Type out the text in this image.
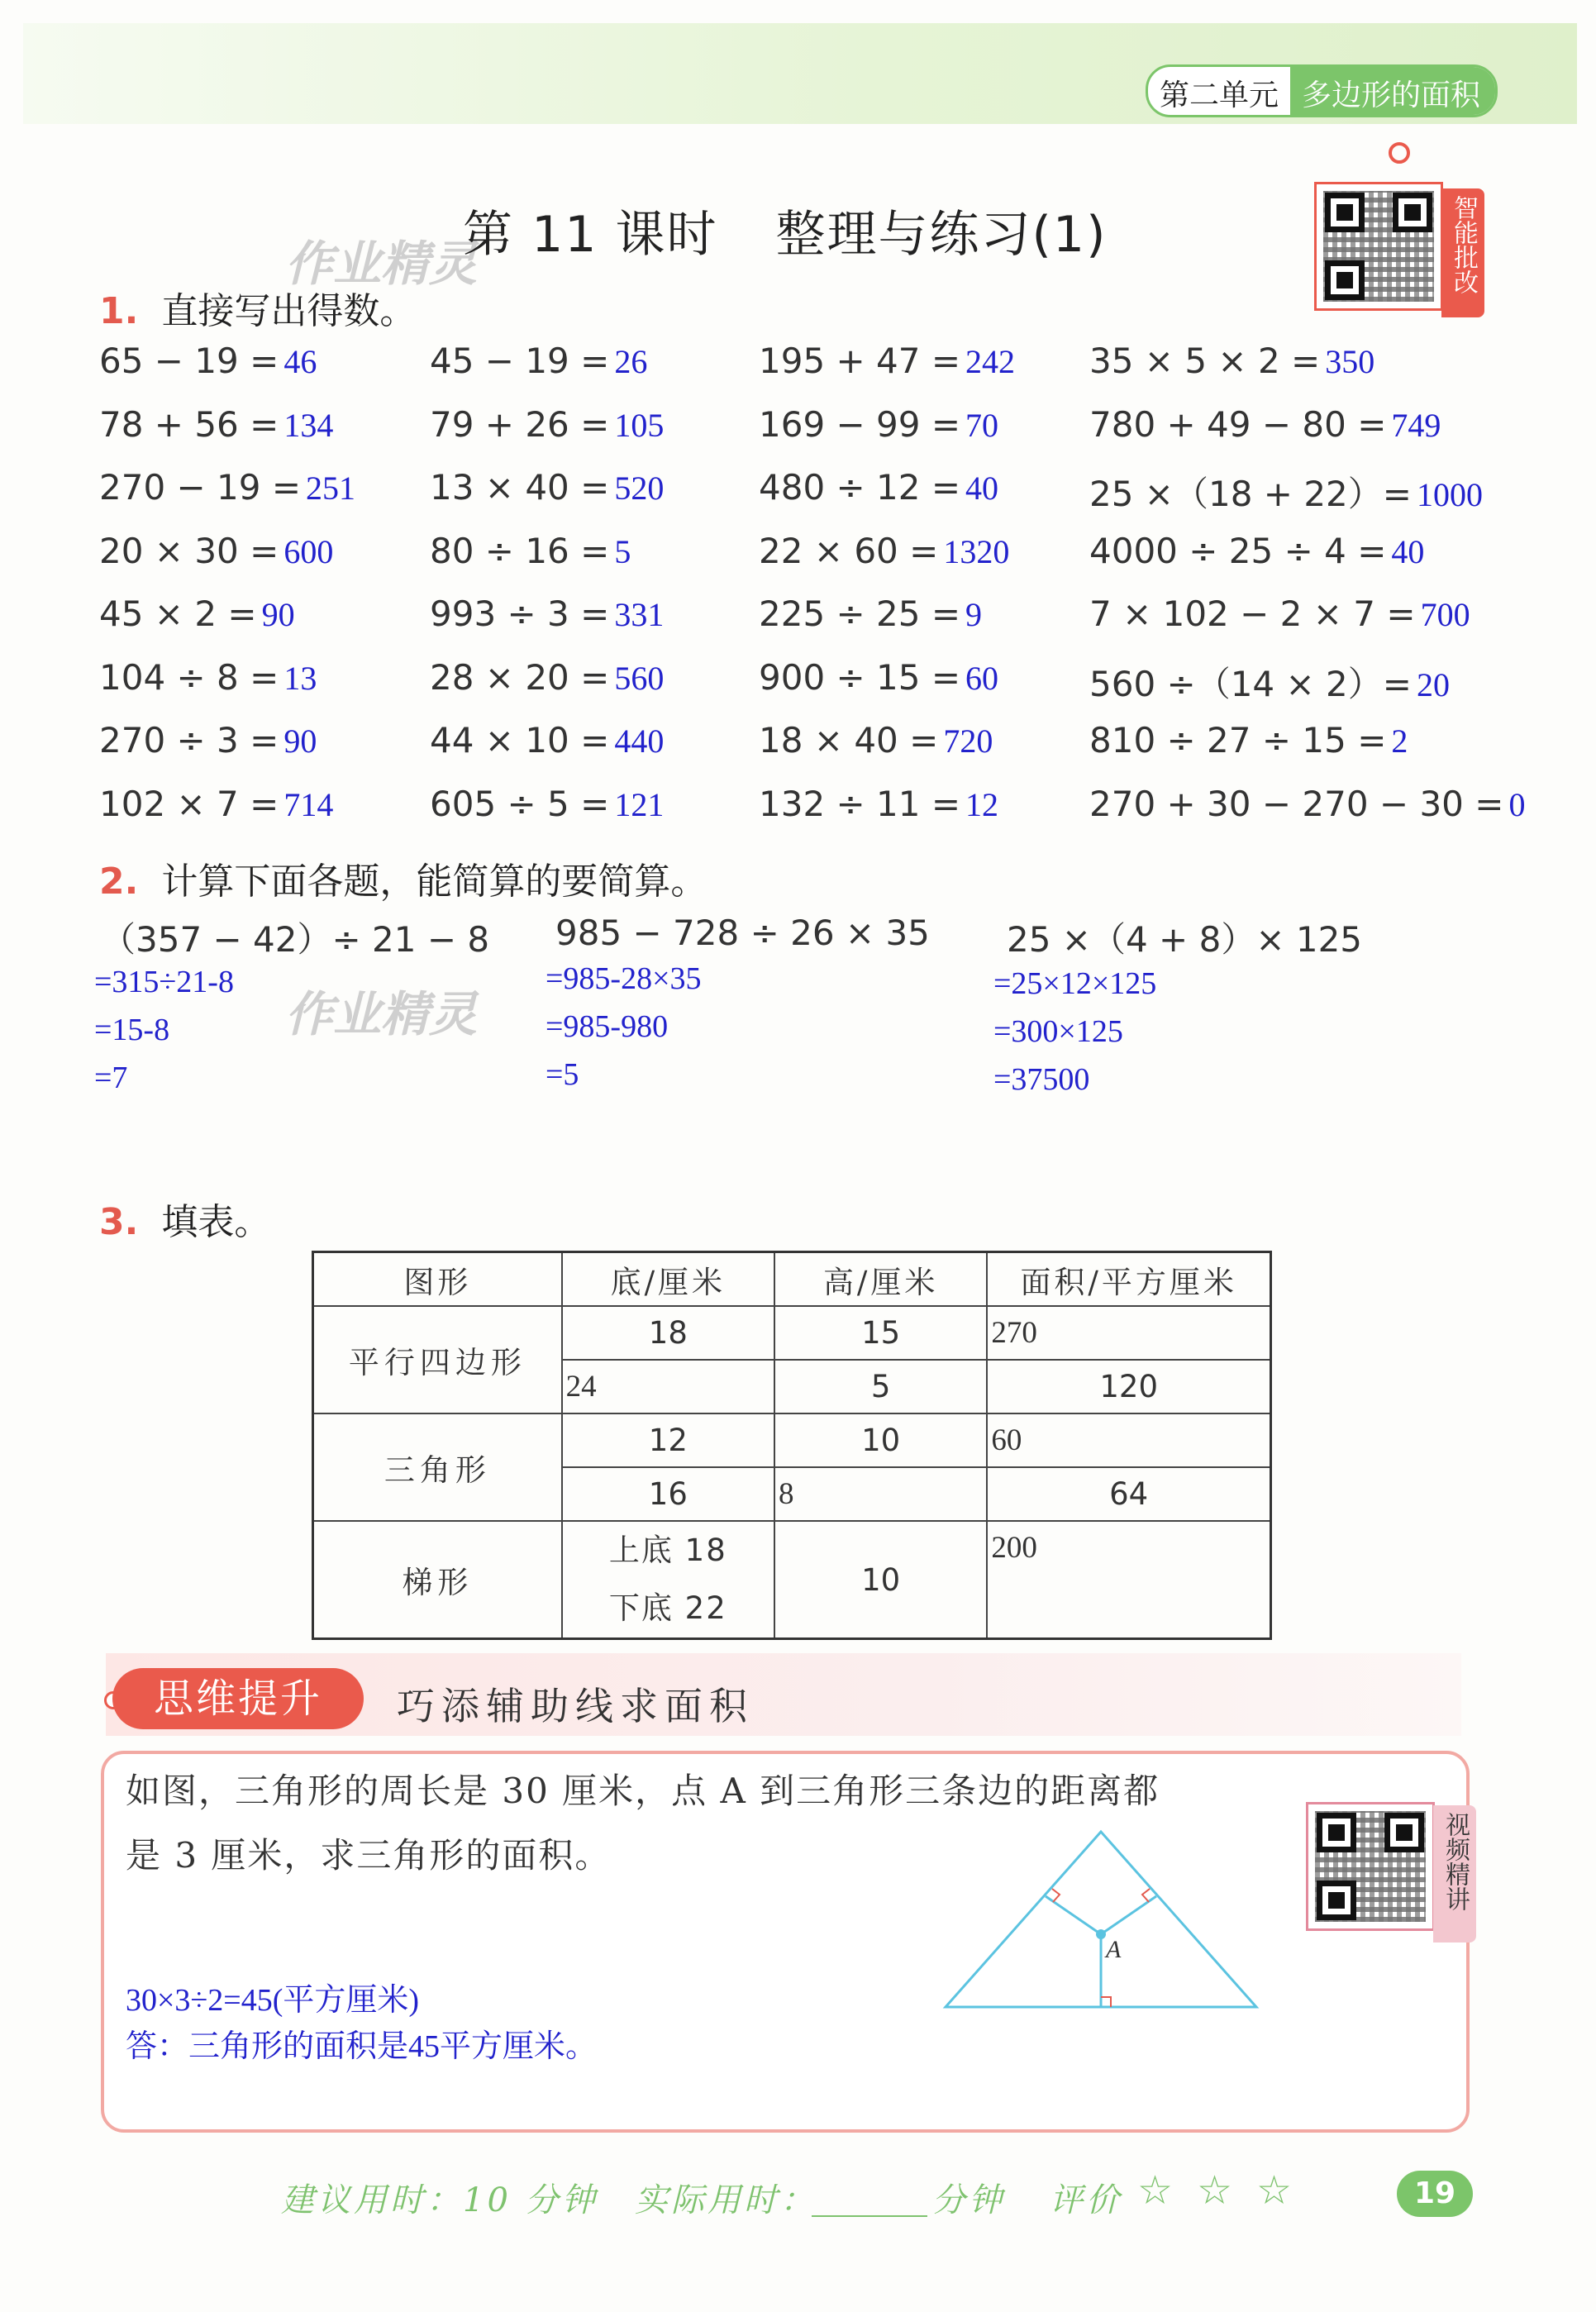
第二单元 多边形的面积
作业精灵
第 11 课时 整理与练习(1)	智能批改
1. 直接写出得数。
65 − 19 = 46	45 − 19 = 26	195 + 47 = 242 35 × 5 × 2 = 350
78 + 56 = 134	79 + 26 = 105	169 − 99 = 70	780 + 49 − 80 = 749
270 − 19 = 251 13 × 40 = 520	480 ÷ 12 = 40	25 ×（18 + 22）= 1000
20 × 30 = 600	80 ÷ 16 = 5	22 × 60 = 1320 4000 ÷ 25 ÷ 4 = 40
45 × 2 = 90	993 ÷ 3 = 331	225 ÷ 25 = 9	7 × 102 − 2 × 7 = 700
104 ÷ 8 = 13	28 × 20 = 560	900 ÷ 15 = 60	560 ÷（14 × 2）= 20
270 ÷ 3 = 90	44 × 10 = 440	18 × 40 = 720	810 ÷ 27 ÷ 15 = 2
102 × 7 = 714	605 ÷ 5 = 121	132 ÷ 11 = 12	270 + 30 − 270 − 30 = 0
2. 计算下面各题，能简算的要简算。
（357 − 42）÷ 21 − 8
=315÷21-8
=15-8
=7
作业精灵
985 − 728 ÷ 26 × 35
=985-28×35
=985-980
=5
25 ×（4 + 8）× 125
=25×12×125
=300×125
=37500
3. 填表。
图形	底/厘米	高/厘米	面积/平方厘米
平行四边形	18	15	270
	24	5	120
三角形	12	10	60
	16	8	64
梯形	上底 18
下底 22	10	200
思维提升	巧添辅助线求面积
如图，三角形的周长是 30 厘米，点 A 到三角形三条边的距离都
是 3 厘米，求三角形的面积。
A
视频精讲
30×3÷2=45(平方厘米)
答：三角形的面积是45平方厘米。
建议用时：10 分钟 实际用时：	分钟 评价 ☆ ☆ ☆	19
